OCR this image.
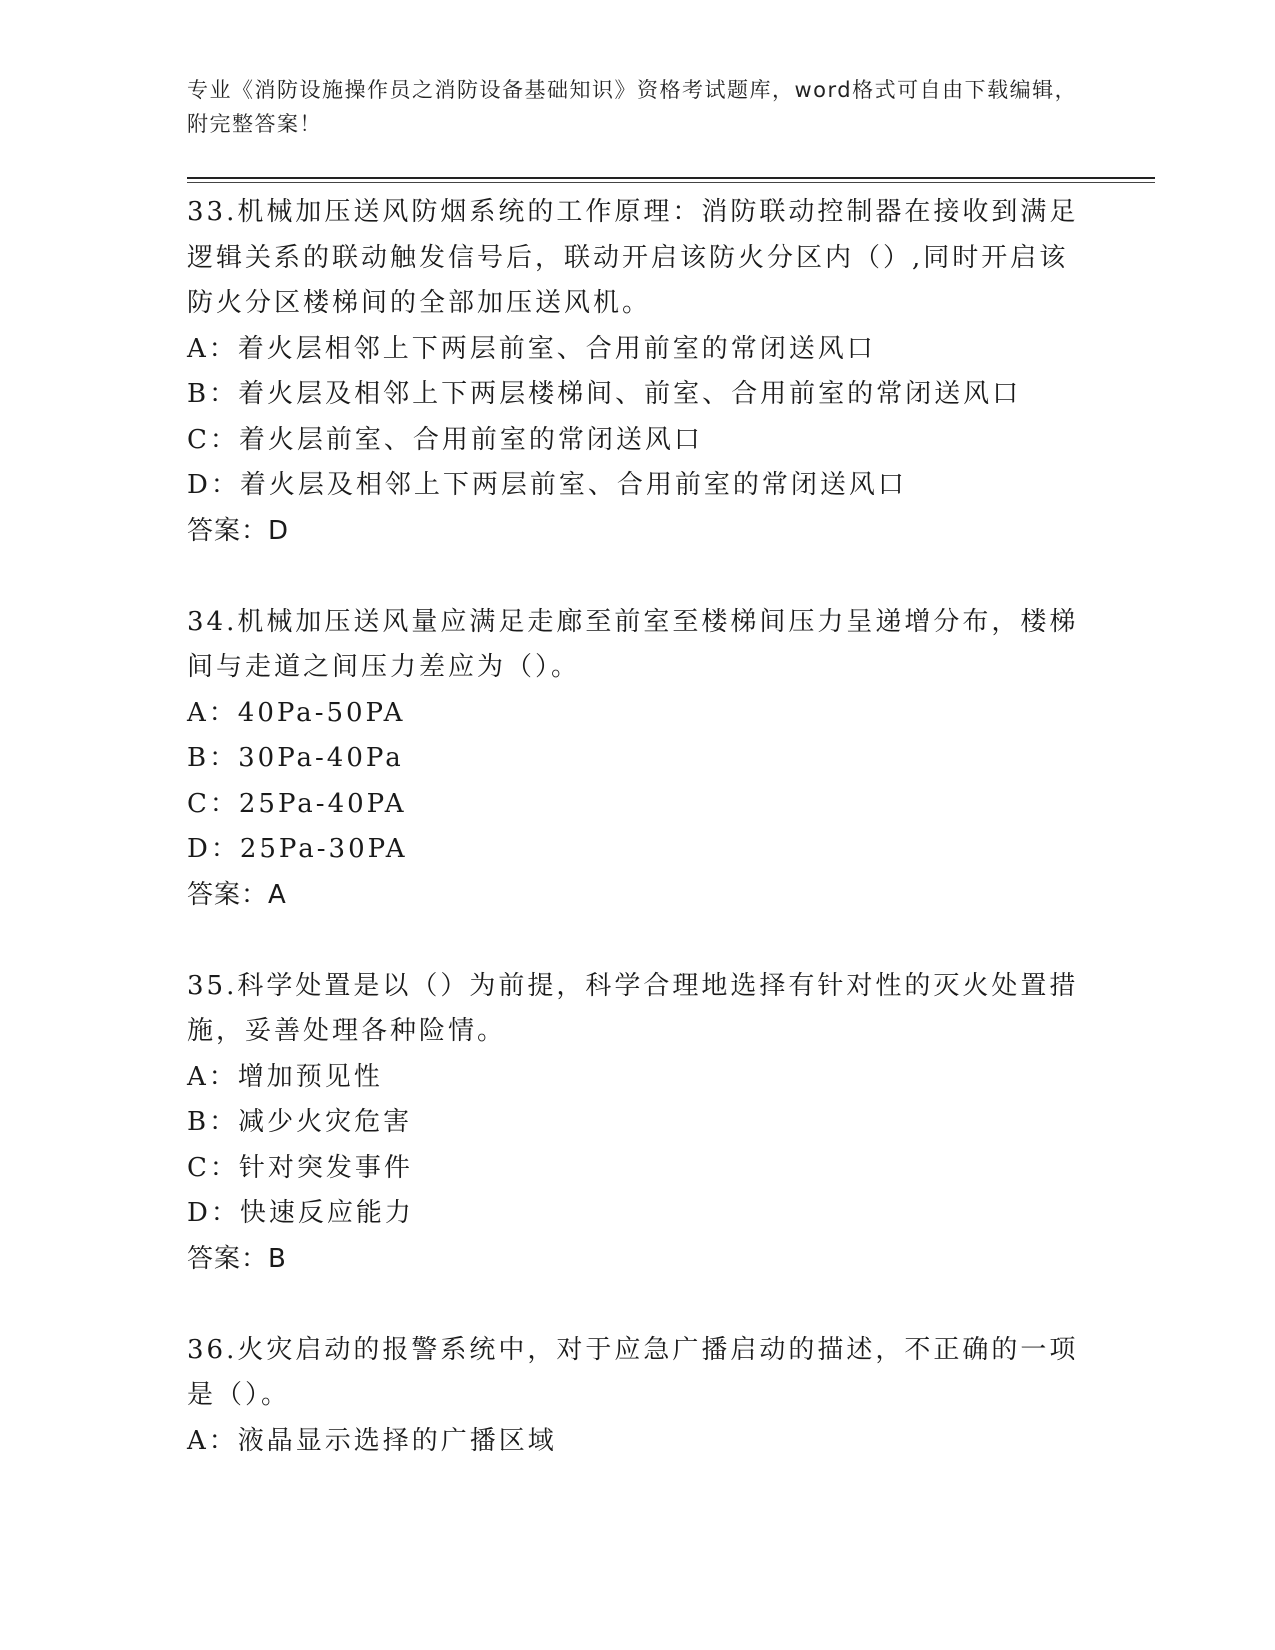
专业《消防设施操作员之消防设备基础知识》资格考试题库，word格式可自由下载编辑，附完整答案！
33.机械加压送风防烟系统的工作原理：消防联动控制器在接收到满足逻辑关系的联动触发信号后，联动开启该防火分区内（）,同时开启该防火分区楼梯间的全部加压送风机。
A：着火层相邻上下两层前室、合用前室的常闭送风口
B：着火层及相邻上下两层楼梯间、前室、合用前室的常闭送风口
C：着火层前室、合用前室的常闭送风口
D：着火层及相邻上下两层前室、合用前室的常闭送风口
答案：D
34.机械加压送风量应满足走廊至前室至楼梯间压力呈递增分布，楼梯间与走道之间压力差应为（）。
A：40Pa-50PA
B：30Pa-40Pa
C：25Pa-40PA
D：25Pa-30PA
答案：A
35.科学处置是以（）为前提，科学合理地选择有针对性的灭火处置措施，妥善处理各种险情。
A：增加预见性
B：减少火灾危害
C：针对突发事件
D：快速反应能力
答案：B
36.火灾启动的报警系统中，对于应急广播启动的描述，不正确的一项是（）。
A：液晶显示选择的广播区域
